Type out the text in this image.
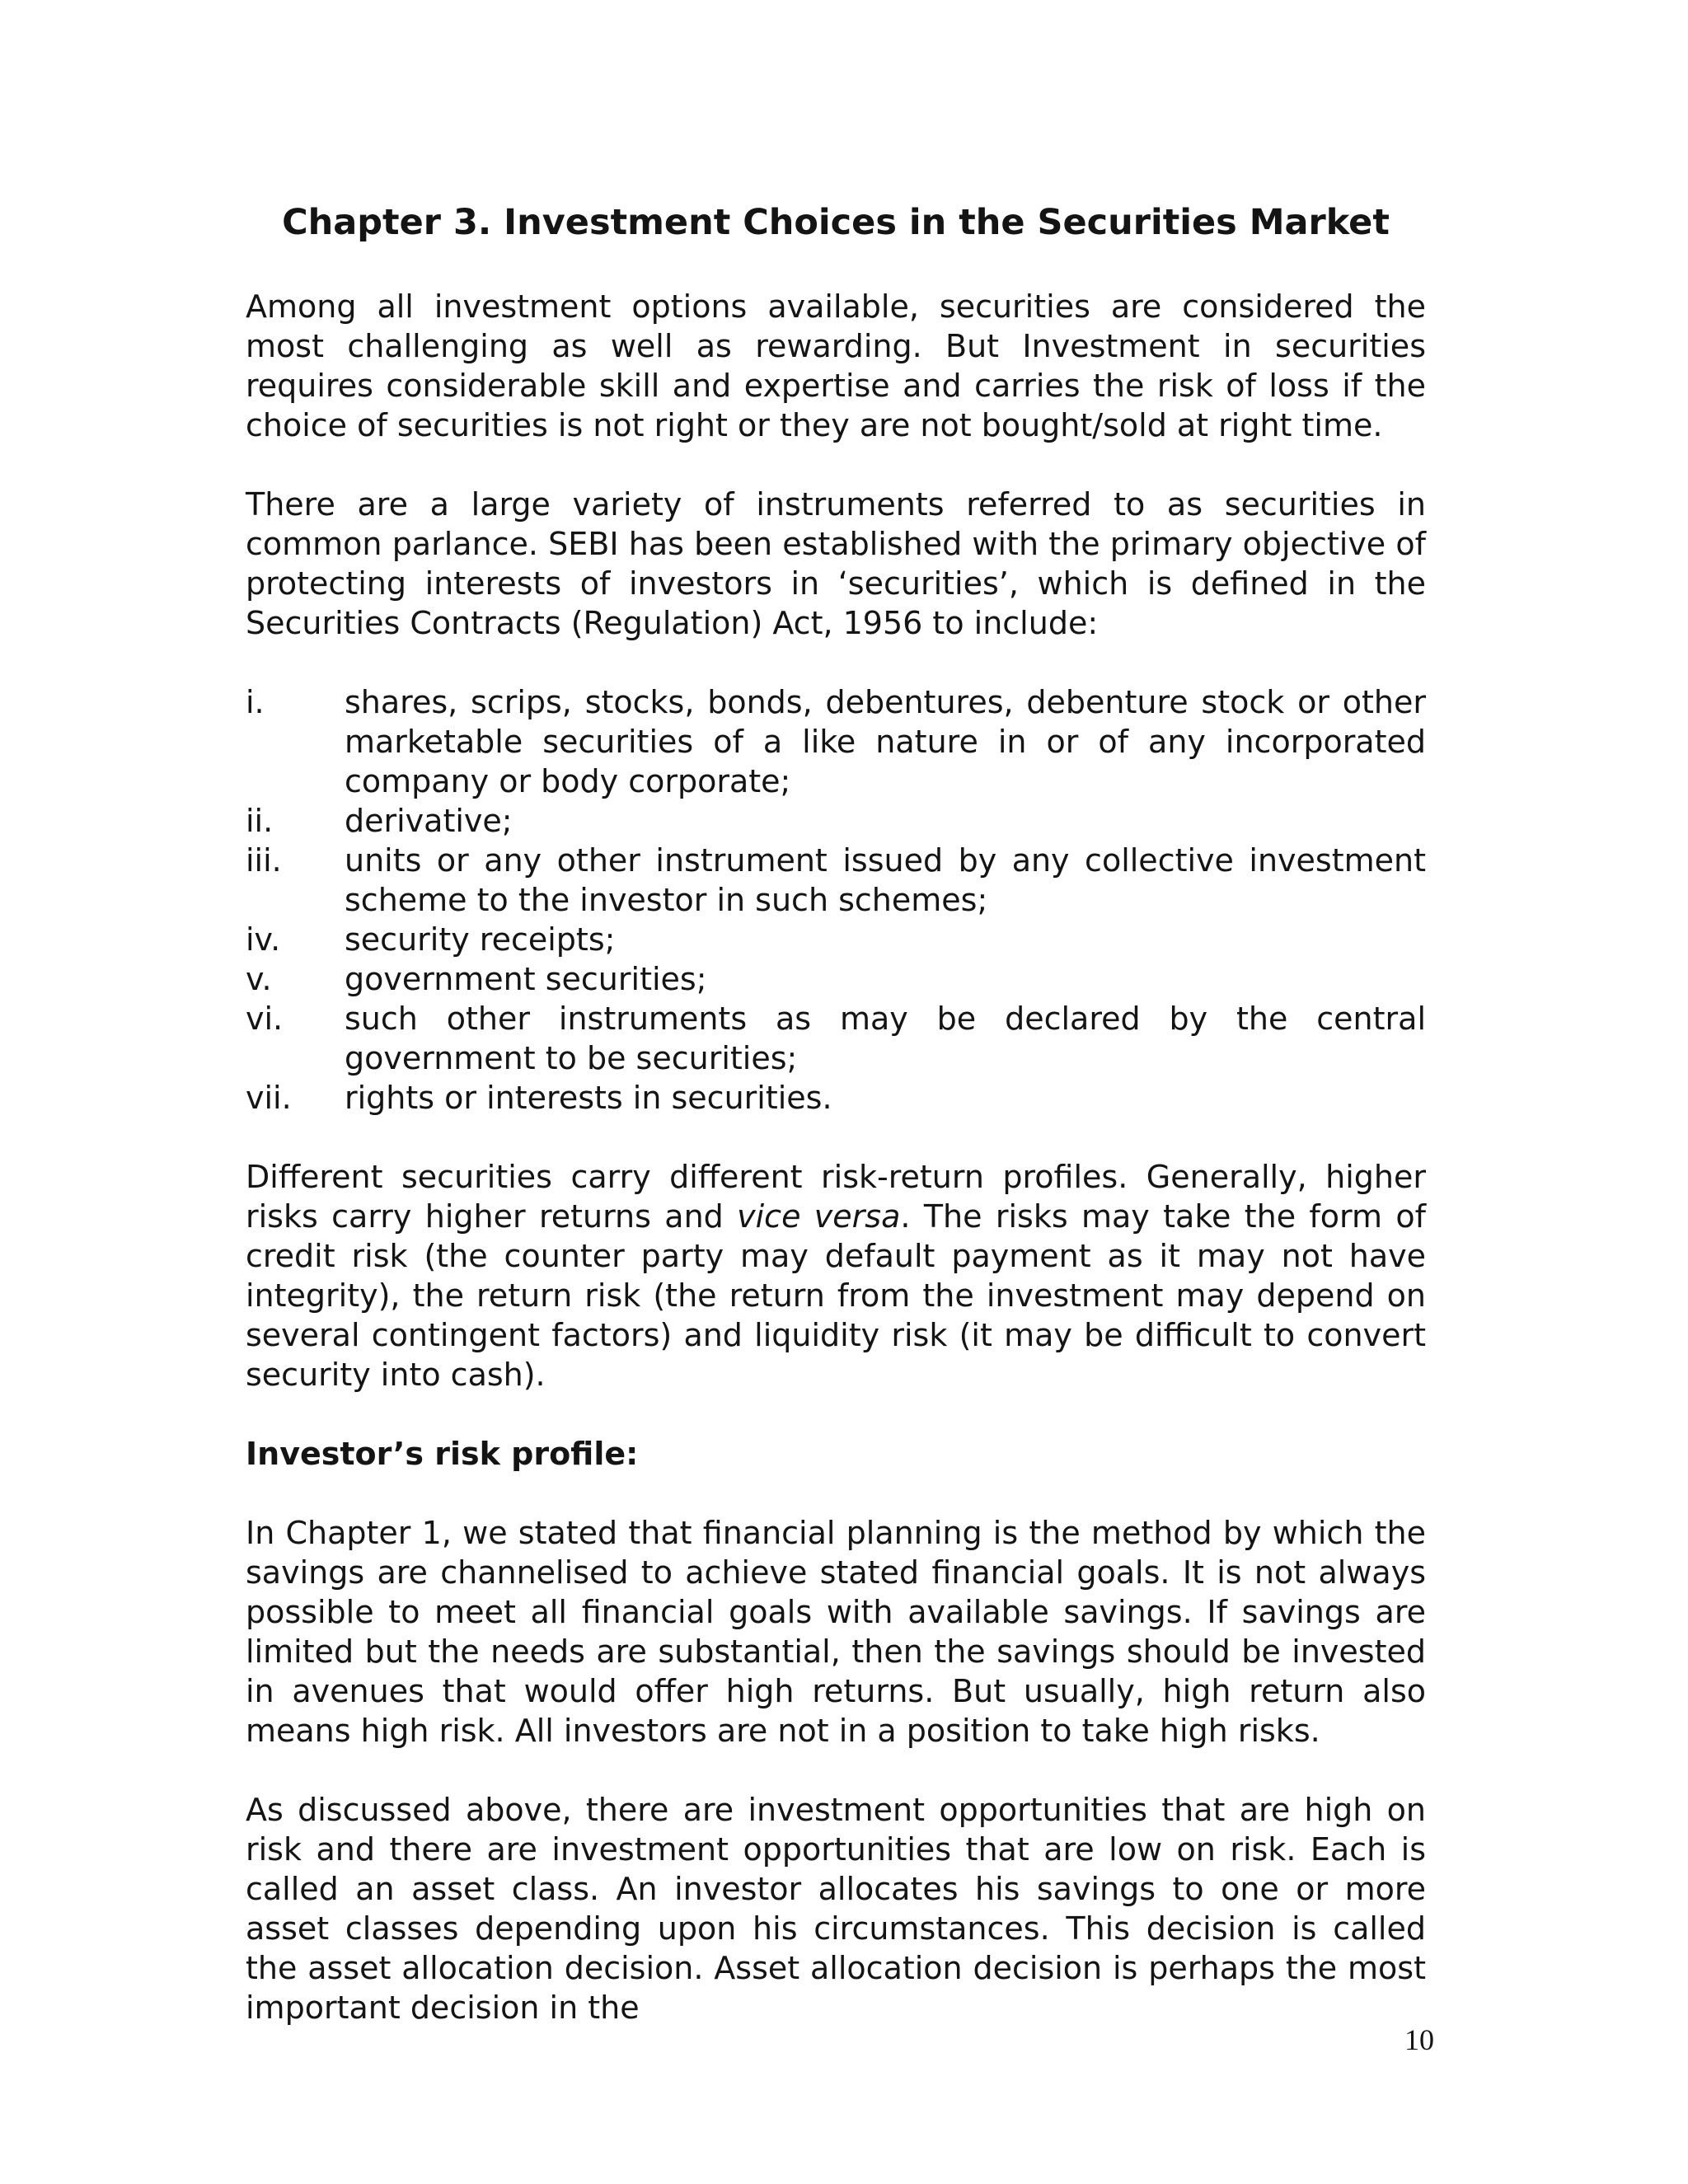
Chapter 3. Investment Choices in the Securities Market

Among all investment options available, securities are considered the most challenging as well as rewarding. But Investment in securities requires considerable skill and expertise and carries the risk of loss if the choice of securities is not right or they are not bought/sold at right time.

There are a large variety of instruments referred to as securities in common parlance. SEBI has been established with the primary objective of protecting interests of investors in ‘securities’, which is defined in the Securities Contracts (Regulation) Act, 1956 to include:

i.	shares, scrips, stocks, bonds, debentures, debenture stock or other marketable securities of a like nature in or of any incorporated company or body corporate;
ii.	derivative;
iii.	units or any other instrument issued by any collective investment scheme to the investor in such schemes;
iv.	security receipts;
v.	government securities;
vi.	such other instruments as may be declared by the central government to be securities;
vii.	rights or interests in securities.

Different securities carry different risk-return profiles. Generally, higher risks carry higher returns and vice versa. The risks may take the form of credit risk (the counter party may default payment as it may not have integrity), the return risk (the return from the investment may depend on several contingent factors) and liquidity risk (it may be difficult to convert security into cash).

Investor’s risk profile:

In Chapter 1, we stated that financial planning is the method by which the savings are channelised to achieve stated financial goals. It is not always possible to meet all financial goals with available savings. If savings are limited but the needs are substantial, then the savings should be invested in avenues that would offer high returns. But usually, high return also means high risk. All investors are not in a position to take high risks.

As discussed above, there are investment opportunities that are high on risk and there are investment opportunities that are low on risk. Each is called an asset class. An investor allocates his savings to one or more asset classes depending upon his circumstances. This decision is called the asset allocation decision. Asset allocation decision is perhaps the most important decision in the

10
